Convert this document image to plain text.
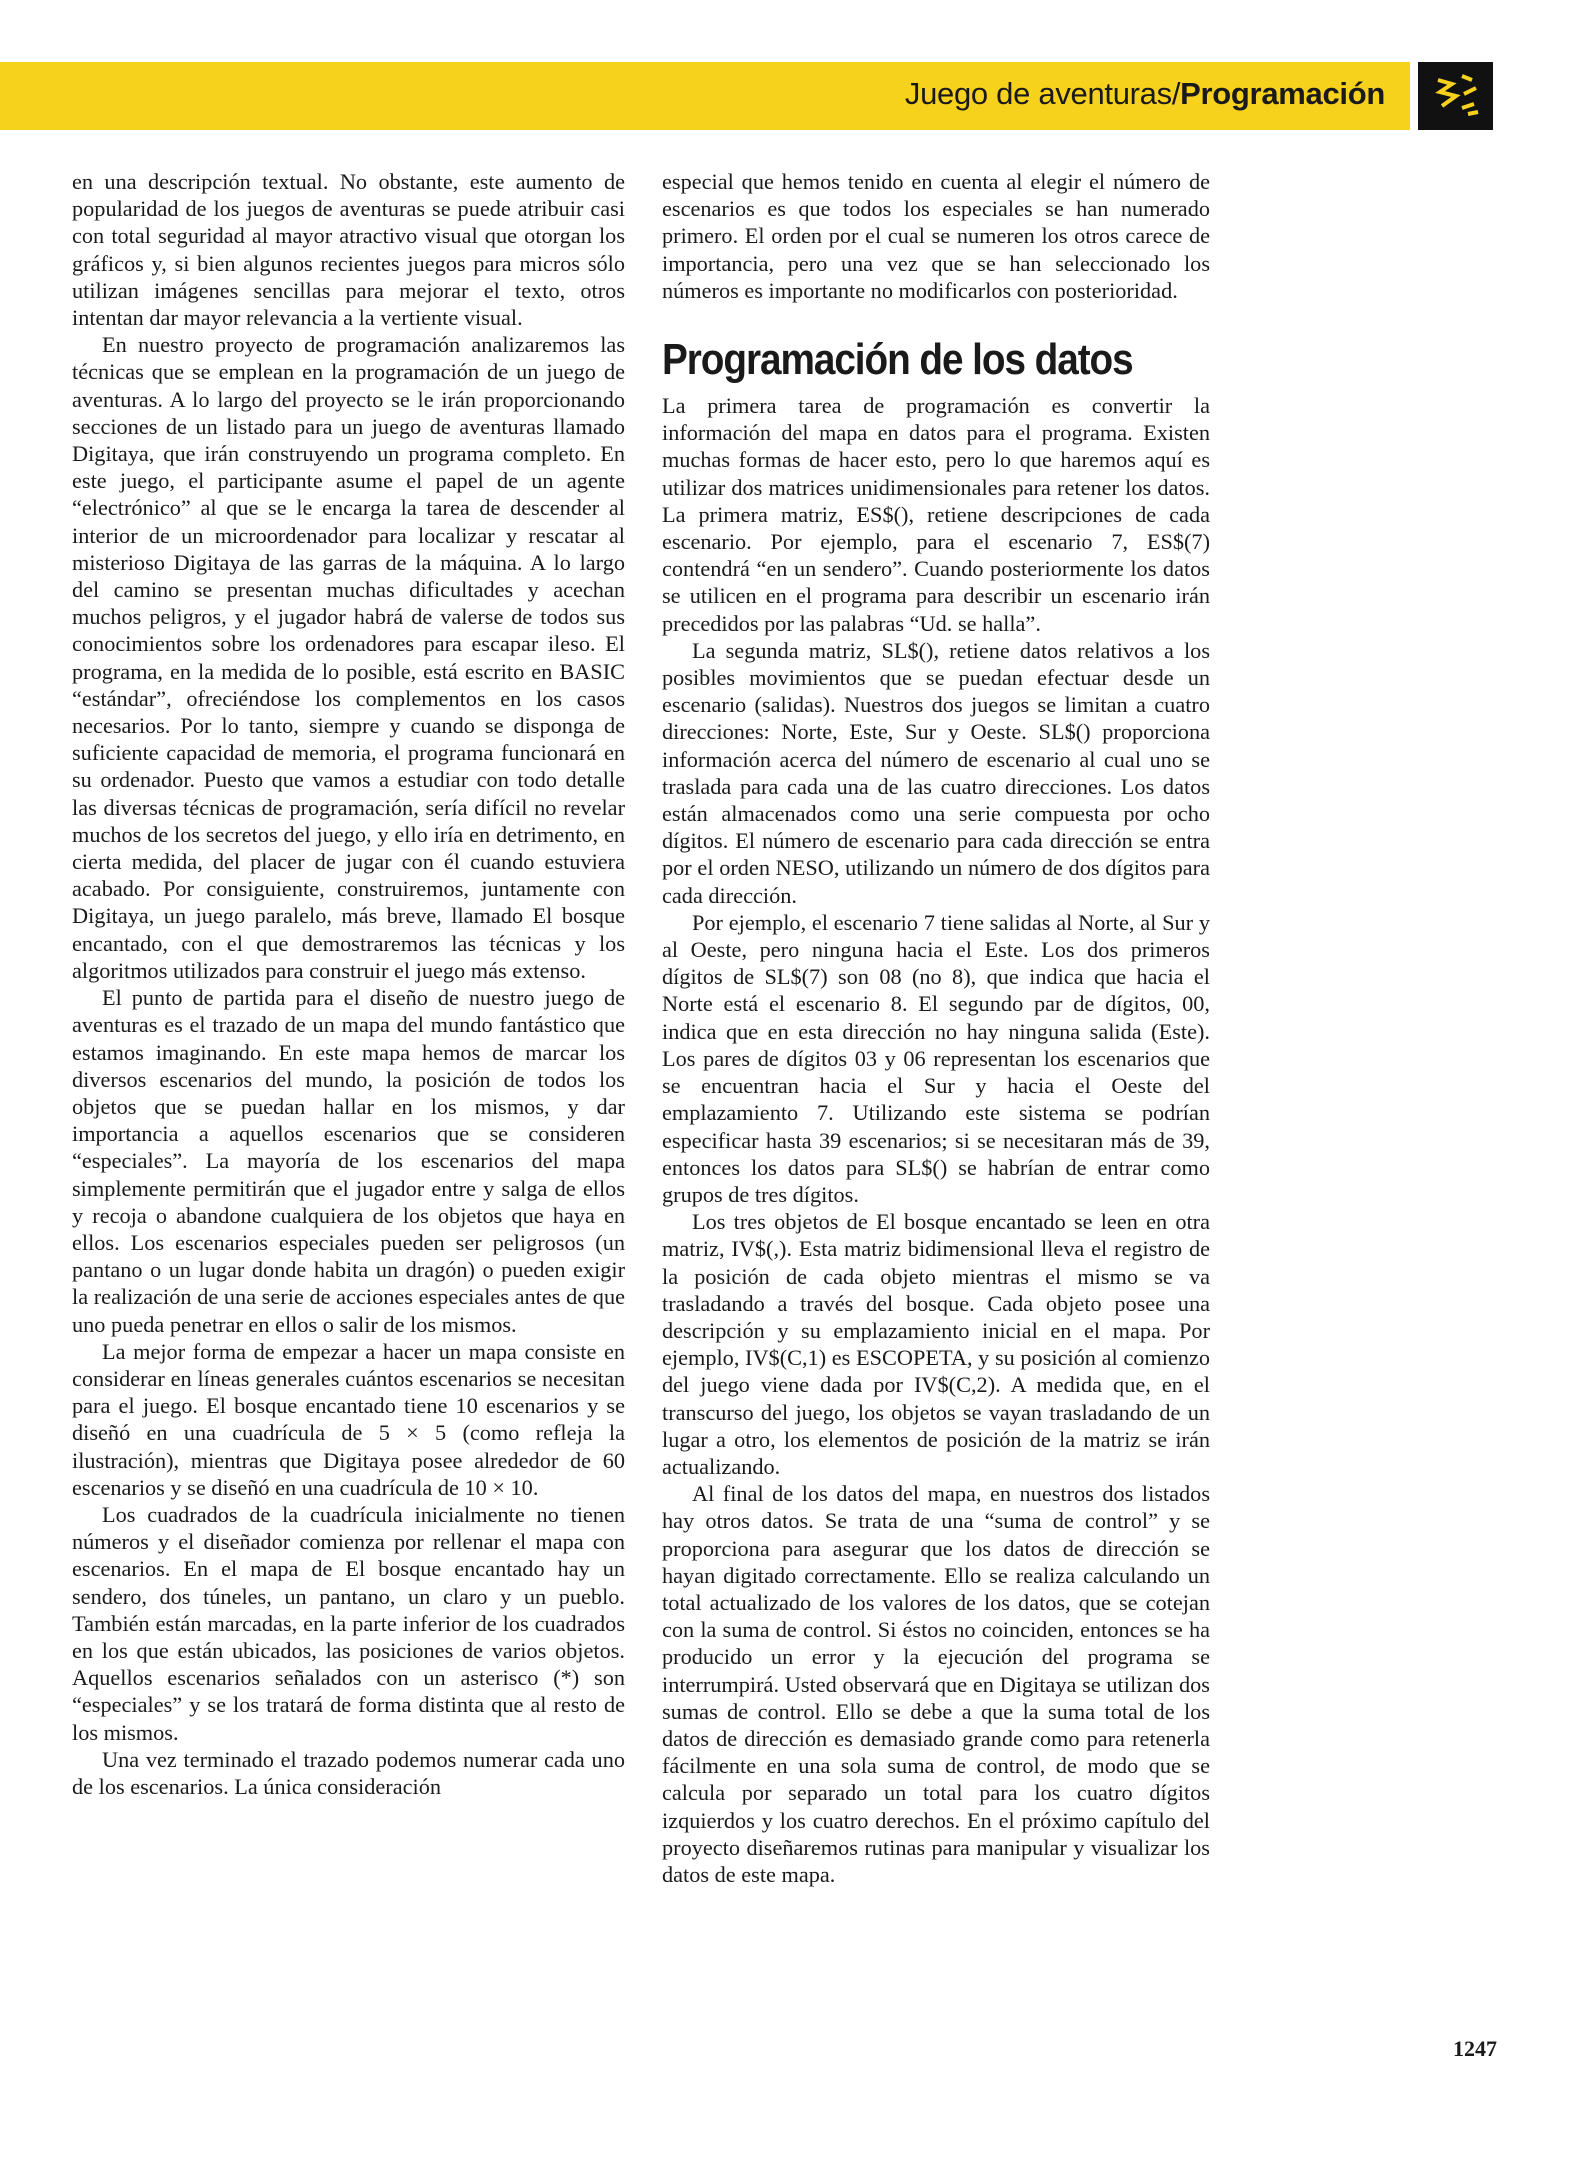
Juego de aventuras/Programación

en una descripción textual. No obstante, este aumento de popularidad de los juegos de aventuras se puede atribuir casi con total seguridad al mayor atractivo visual que otorgan los gráficos y, si bien algunos recientes juegos para micros sólo utilizan imágenes sencillas para mejorar el texto, otros intentan dar mayor relevancia a la vertiente visual.

En nuestro proyecto de programación analizaremos las técnicas que se emplean en la programación de un juego de aventuras. A lo largo del proyecto se le irán proporcionando secciones de un listado para un juego de aventuras llamado Digitaya, que irán construyendo un programa completo. En este juego, el participante asume el papel de un agente “electrónico” al que se le encarga la tarea de descender al interior de un microordenador para localizar y rescatar al misterioso Digitaya de las garras de la máquina. A lo largo del camino se presentan muchas dificultades y acechan muchos peligros, y el jugador habrá de valerse de todos sus conocimientos sobre los ordenadores para escapar ileso. El programa, en la medida de lo posible, está escrito en BASIC “estándar”, ofreciéndose los complementos en los casos necesarios. Por lo tanto, siempre y cuando se disponga de suficiente capacidad de memoria, el programa funcionará en su ordenador. Puesto que vamos a estudiar con todo detalle las diversas técnicas de programación, sería difícil no revelar muchos de los secretos del juego, y ello iría en detrimento, en cierta medida, del placer de jugar con él cuando estuviera acabado. Por consiguiente, construiremos, juntamente con Digitaya, un juego paralelo, más breve, llamado El bosque encantado, con el que demostraremos las técnicas y los algoritmos utilizados para construir el juego más extenso.

El punto de partida para el diseño de nuestro juego de aventuras es el trazado de un mapa del mundo fantástico que estamos imaginando. En este mapa hemos de marcar los diversos escenarios del mundo, la posición de todos los objetos que se puedan hallar en los mismos, y dar importancia a aquellos escenarios que se consideren “especiales”. La mayoría de los escenarios del mapa simplemente permitirán que el jugador entre y salga de ellos y recoja o abandone cualquiera de los objetos que haya en ellos. Los escenarios especiales pueden ser peligrosos (un pantano o un lugar donde habita un dragón) o pueden exigir la realización de una serie de acciones especiales antes de que uno pueda penetrar en ellos o salir de los mismos.

La mejor forma de empezar a hacer un mapa consiste en considerar en líneas generales cuántos escenarios se necesitan para el juego. El bosque encantado tiene 10 escenarios y se diseñó en una cuadrícula de 5 × 5 (como refleja la ilustración), mientras que Digitaya posee alrededor de 60 escenarios y se diseñó en una cuadrícula de 10 × 10.

Los cuadrados de la cuadrícula inicialmente no tienen números y el diseñador comienza por rellenar el mapa con escenarios. En el mapa de El bosque encantado hay un sendero, dos túneles, un pantano, un claro y un pueblo. También están marcadas, en la parte inferior de los cuadrados en los que están ubicados, las posiciones de varios objetos. Aquellos escenarios señalados con un asterisco (*) son “especiales” y se los tratará de forma distinta que al resto de los mismos.

Una vez terminado el trazado podemos numerar cada uno de los escenarios. La única consideración

especial que hemos tenido en cuenta al elegir el número de escenarios es que todos los especiales se han numerado primero. El orden por el cual se numeren los otros carece de importancia, pero una vez que se han seleccionado los números es importante no modificarlos con posterioridad.

Programación de los datos

La primera tarea de programación es convertir la información del mapa en datos para el programa. Existen muchas formas de hacer esto, pero lo que haremos aquí es utilizar dos matrices unidimensionales para retener los datos. La primera matriz, ES$(), retiene descripciones de cada escenario. Por ejemplo, para el escenario 7, ES$(7) contendrá “en un sendero”. Cuando posteriormente los datos se utilicen en el programa para describir un escenario irán precedidos por las palabras “Ud. se halla”.

La segunda matriz, SL$(), retiene datos relativos a los posibles movimientos que se puedan efectuar desde un escenario (salidas). Nuestros dos juegos se limitan a cuatro direcciones: Norte, Este, Sur y Oeste. SL$() proporciona información acerca del número de escenario al cual uno se traslada para cada una de las cuatro direcciones. Los datos están almacenados como una serie compuesta por ocho dígitos. El número de escenario para cada dirección se entra por el orden NESO, utilizando un número de dos dígitos para cada dirección.

Por ejemplo, el escenario 7 tiene salidas al Norte, al Sur y al Oeste, pero ninguna hacia el Este. Los dos primeros dígitos de SL$(7) son 08 (no 8), que indica que hacia el Norte está el escenario 8. El segundo par de dígitos, 00, indica que en esta dirección no hay ninguna salida (Este). Los pares de dígitos 03 y 06 representan los escenarios que se encuentran hacia el Sur y hacia el Oeste del emplazamiento 7. Utilizando este sistema se podrían especificar hasta 39 escenarios; si se necesitaran más de 39, entonces los datos para SL$() se habrían de entrar como grupos de tres dígitos.

Los tres objetos de El bosque encantado se leen en otra matriz, IV$(,). Esta matriz bidimensional lleva el registro de la posición de cada objeto mientras el mismo se va trasladando a través del bosque. Cada objeto posee una descripción y su emplazamiento inicial en el mapa. Por ejemplo, IV$(C,1) es ESCOPETA, y su posición al comienzo del juego viene dada por IV$(C,2). A medida que, en el transcurso del juego, los objetos se vayan trasladando de un lugar a otro, los elementos de posición de la matriz se irán actualizando.

Al final de los datos del mapa, en nuestros dos listados hay otros datos. Se trata de una “suma de control” y se proporciona para asegurar que los datos de dirección se hayan digitado correctamente. Ello se realiza calculando un total actualizado de los valores de los datos, que se cotejan con la suma de control. Si éstos no coinciden, entonces se ha producido un error y la ejecución del programa se interrumpirá. Usted observará que en Digitaya se utilizan dos sumas de control. Ello se debe a que la suma total de los datos de dirección es demasiado grande como para retenerla fácilmente en una sola suma de control, de modo que se calcula por separado un total para los cuatro dígitos izquierdos y los cuatro derechos. En el próximo capítulo del proyecto diseñaremos rutinas para manipular y visualizar los datos de este mapa.

1247
